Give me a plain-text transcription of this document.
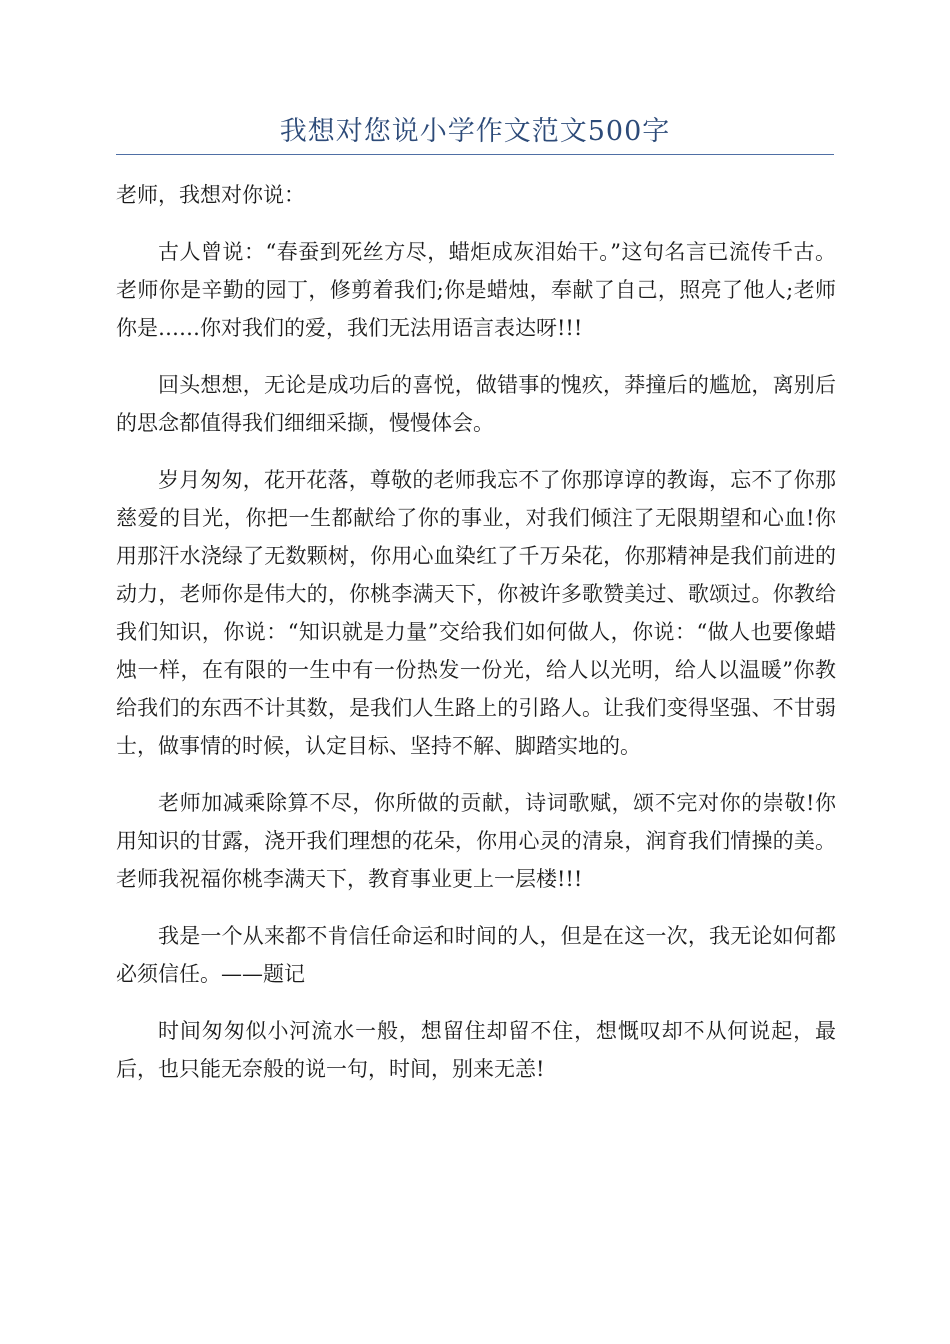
我想对您说小学作文范文500字

老师，我想对你说：

古人曾说：“春蚕到死丝方尽，蜡炬成灰泪始干。”这句名言已流传千古。老师你是辛勤的园丁，修剪着我们;你是蜡烛，奉献了自己，照亮了他人;老师你是……你对我们的爱，我们无法用语言表达呀!!!

回头想想，无论是成功后的喜悦，做错事的愧疚，莽撞后的尴尬，离别后的思念都值得我们细细采撷，慢慢体会。

岁月匆匆，花开花落，尊敬的老师我忘不了你那谆谆的教诲，忘不了你那慈爱的目光，你把一生都献给了你的事业，对我们倾注了无限期望和心血!你用那汗水浇绿了无数颗树，你用心血染红了千万朵花，你那精神是我们前进的动力，老师你是伟大的，你桃李满天下，你被许多歌赞美过、歌颂过。你教给我们知识，你说：“知识就是力量”交给我们如何做人，你说：“做人也要像蜡烛一样，在有限的一生中有一份热发一份光，给人以光明，给人以温暖”你教给我们的东西不计其数，是我们人生路上的引路人。让我们变得坚强、不甘弱士，做事情的时候，认定目标、坚持不解、脚踏实地的。

老师加减乘除算不尽，你所做的贡献，诗词歌赋，颂不完对你的崇敬!你用知识的甘露，浇开我们理想的花朵，你用心灵的清泉，润育我们情操的美。老师我祝福你桃李满天下，教育事业更上一层楼!!!

我是一个从来都不肯信任命运和时间的人，但是在这一次，我无论如何都必须信任。——题记

时间匆匆似小河流水一般，想留住却留不住，想慨叹却不从何说起，最后，也只能无奈般的说一句，时间，别来无恙!
